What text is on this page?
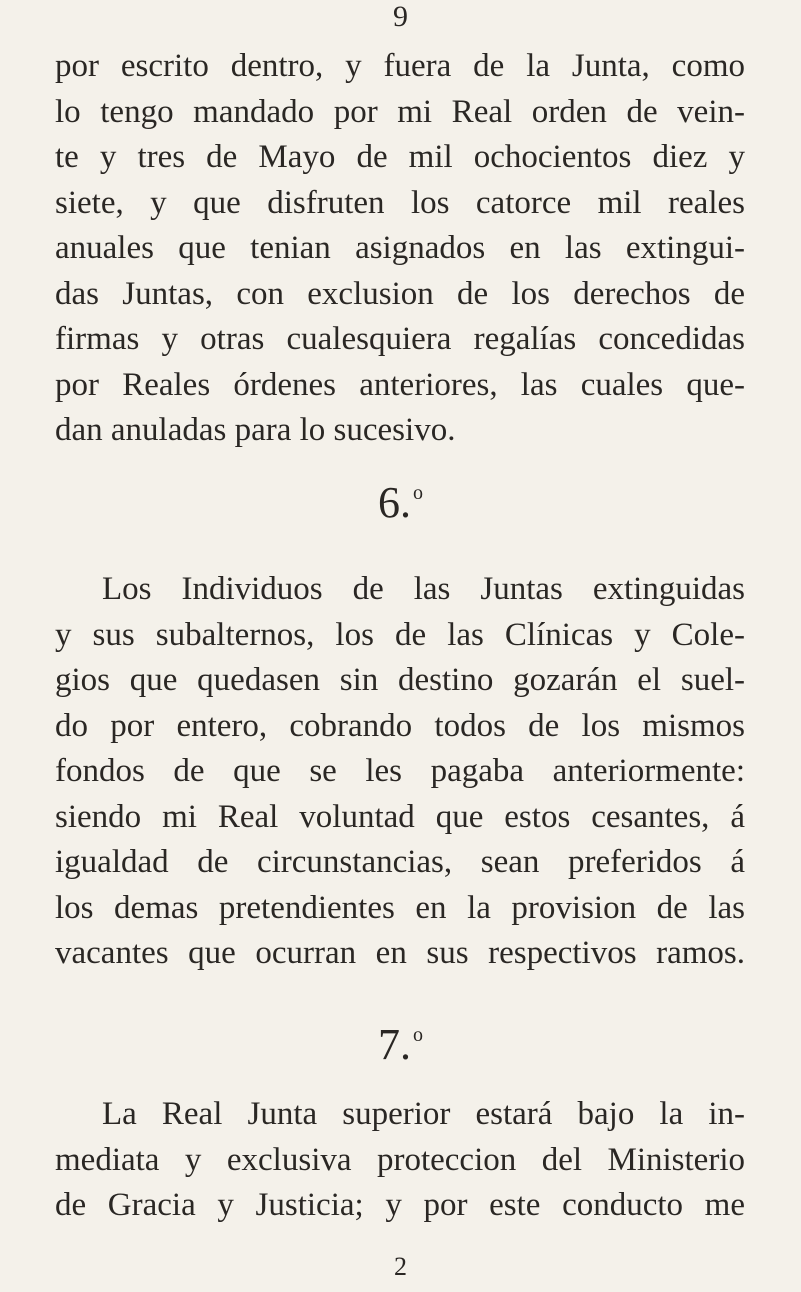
9
por escrito dentro, y fuera de la Junta, como
lo tengo mandado por mi Real orden de vein-
te y tres de Mayo de mil ochocientos diez y
siete, y que disfruten los catorce mil reales
anuales que tenian asignados en las extingui-
das Juntas, con exclusion de los derechos de
firmas y otras cualesquiera regalías concedidas
por Reales órdenes anteriores, las cuales que-
dan anuladas para lo sucesivo.
6. $^o$
Los Individuos de las Juntas extinguidas
y sus subalternos, los de las Clínicas y Cole-
gios que quedasen sin destino gozarán el suel-
do por entero, cobrando todos de los mismos
fondos de que se les pagaba anteriormente:
siendo mi Real voluntad que estos cesantes, á
igualdad de circunstancias, sean preferidos á
los demas pretendientes en la provision de las
vacantes que ocurran en sus respectivos ramos.
7. $^o$
La Real Junta superior estará bajo la in-
mediata y exclusiva proteccion del Ministerio
de Gracia y Justicia; y por este conducto me
2
